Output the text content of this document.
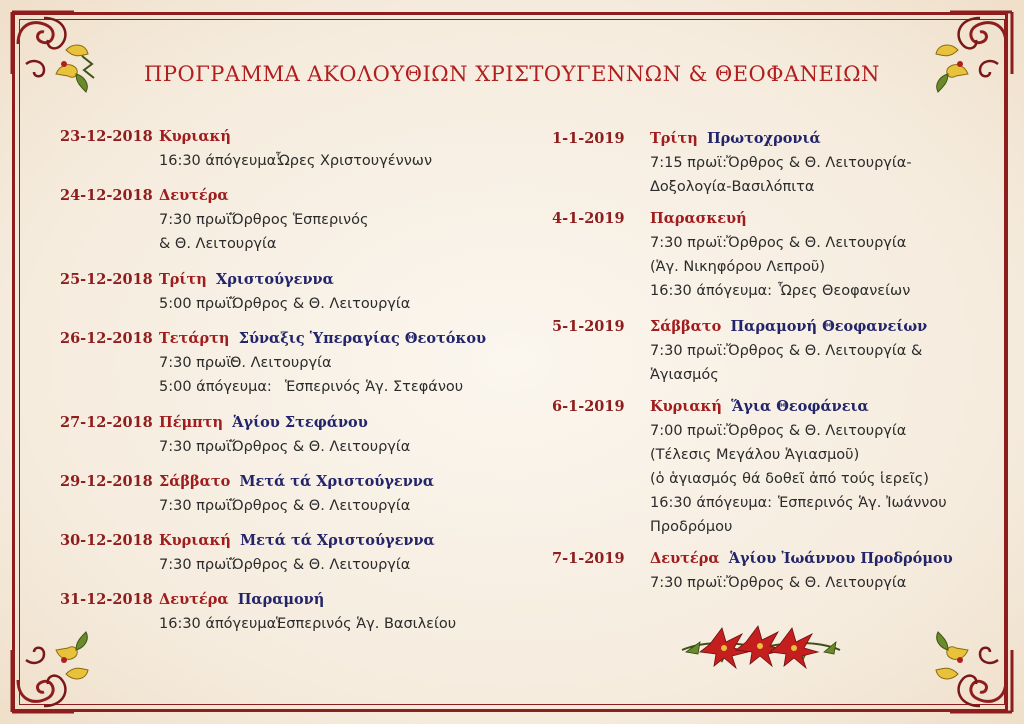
ΠΡΟΓΡΑΜΜΑ ΑΚΟΛΟΥΘΙΩΝ ΧΡΙΣΤΟΥΓΕΝΝΩΝ & ΘΕΟΦΑΝΕΙΩΝ
23-12-2018 Κυριακή
16:30 άπόγευμα:
Ὧρες Χριστουγέννων
24-12-2018 Δευτέρα
7:30 πρωϊ:
Ὄρθρος Ἑσπερινός
& Θ. Λειτουργία
25-12-2018 Τρίτη Χριστούγεννα
5:00 πρωϊ:
Ὄρθρος & Θ. Λειτουργία
26-12-2018 Τετάρτη Σύναξις Ὑπεραγίας Θεοτόκου
7:30 πρωϊ:
Θ. Λειτουργία
5:00 άπόγευμα: Ἑσπερινός Ἁγ. Στεφάνου
27-12-2018 Πέμπτη Ἁγίου Στεφάνου
7:30 πρωϊ:
Ὄρθρος & Θ. Λειτουργία
29-12-2018 Σάββατο Μετά τά Χριστούγεννα
7:30 πρωϊ:
Ὄρθρος & Θ. Λειτουργία
30-12-2018 Κυριακή Μετά τά Χριστούγεννα
7:30 πρωϊ:
Ὄρθρος & Θ. Λειτουργία
31-12-2018 Δευτέρα Παραμονή
16:30 άπόγευμα:
Ἑσπερινός Ἁγ. Βασιλείου
1-1-2019 Τρίτη Πρωτοχρονιά
7:15 πρωϊ:
Ὄρθρος & Θ. Λειτουργία-
Δοξολογία-Βασιλόπιτα
4-1-2019 Παρασκευή
7:30 πρωϊ:
Ὄρθρος & Θ. Λειτουργία
(Ἁγ. Νικηφόρου Λεπροῦ)
16:30 άπόγευμα: Ὧρες Θεοφανείων
5-1-2019 Σάββατο Παραμονή Θεοφανείων
7:30 πρωϊ:
Ὄρθρος & Θ. Λειτουργία &
Ἁγιασμός
6-1-2019 Κυριακή Ἅγια Θεοφάνεια
7:00 πρωϊ:
Ὄρθρος & Θ. Λειτουργία
(Τέλεσις Μεγάλου Ἁγιασμοῦ)
(ὁ ἁγιασμός θά δοθεῖ ἀπό τούς ἱερεῖς)
16:30 άπόγευμα: Ἑσπερινός Ἁγ. Ἰωάννου
Προδρόμου
7-1-2019 Δευτέρα Ἁγίου Ἰωάννου Προδρόμου
7:30 πρωϊ:
Ὄρθρος & Θ. Λειτουργία
